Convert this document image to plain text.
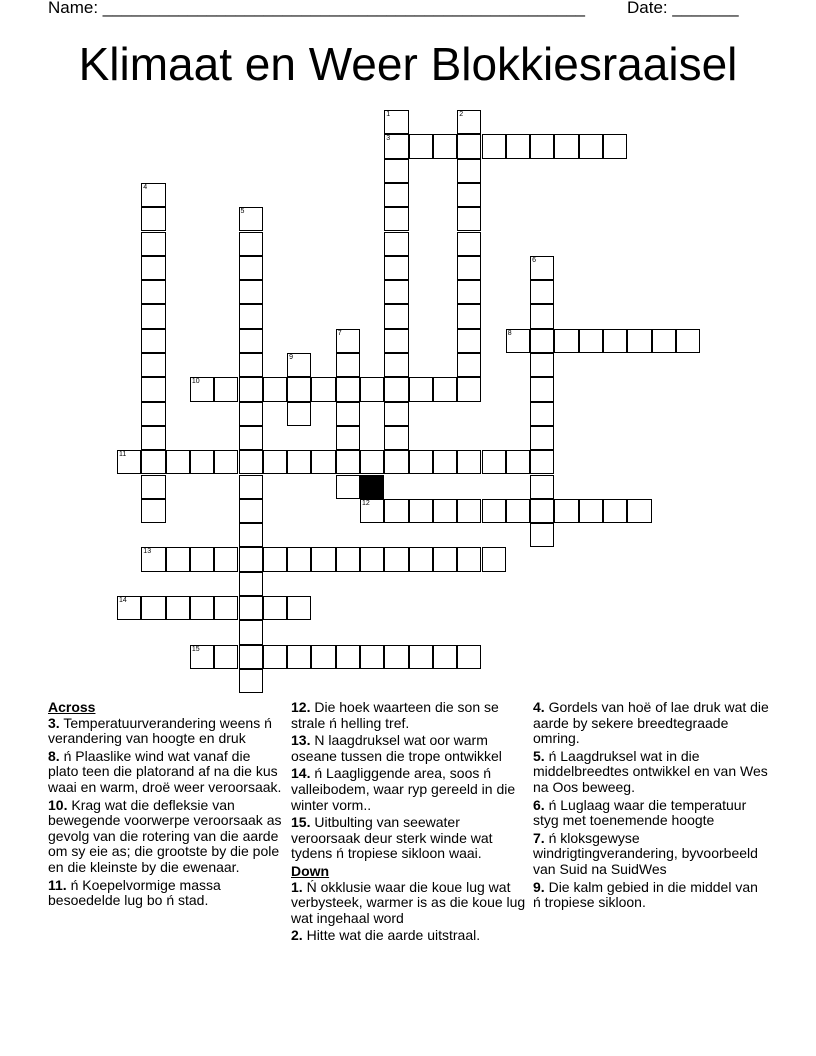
Name: ___________________________________________________ Date: _______
Klimaat en Weer Blokkiesraaisel
1	2
3
4
5
6
7	8
9
10
11
12
13
14
15

Across

3. Temperatuurverandering weens ń verandering van hoogte en druk

8. ń Plaaslike wind wat vanaf die plato teen die platorand af na die kus waai en warm, droë weer veroorsaak.

10. Krag wat die defleksie van bewegende voorwerpe veroorsaak as gevolg van die rotering van die aarde om sy eie as; die grootste by die pole en die kleinste by die ewenaar.

11. ń Koepelvormige massa besoedelde lug bo ń stad.

12. Die hoek waarteen die son se strale ń helling tref.

13. N laagdruksel wat oor warm oseane tussen die trope ontwikkel

14. ń Laagliggende area, soos ń valleibodem, waar ryp gereeld in die winter vorm..

15. Uitbulting van seewater veroorsaak deur sterk winde wat tydens ń tropiese sikloon waai.

Down

1. Ń okklusie waar die koue lug wat verbysteek, warmer is as die koue lug wat ingehaal word

2. Hitte wat die aarde uitstraal.

4. Gordels van hoë of lae druk wat die aarde by sekere breedtegraade omring.

5. ń Laagdruksel wat in die middelbreedtes ontwikkel en van Wes na Oos beweeg.

6. ń Luglaag waar die temperatuur styg met toenemende hoogte

7. ń kloksgewyse windrigtingverandering, byvoorbeeld van Suid na SuidWes

9. Die kalm gebied in die middel van ń tropiese sikloon.
